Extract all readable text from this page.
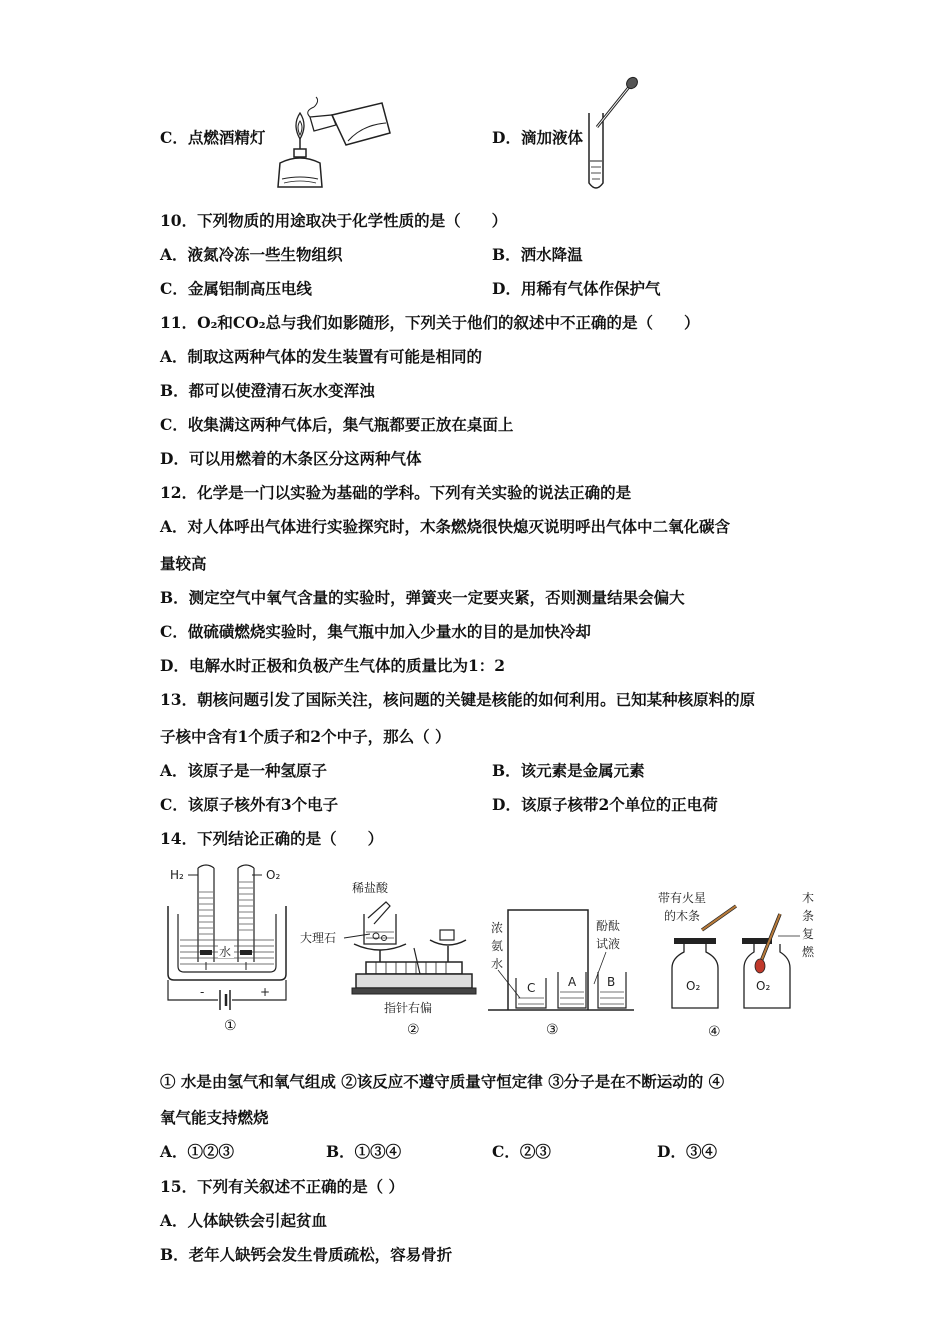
C．点燃酒精灯	D．滴加液体
10．下列物质的用途取决于化学性质的是（　　）
A．液氮冷冻一些生物组织	B．洒水降温
C．金属铝制高压电线	D．用稀有气体作保护气
11．O₂和CO₂总与我们如影随形，下列关于他们的叙述中不正确的是（　　）
A．制取这两种气体的发生装置有可能是相同的
B．都可以使澄清石灰水变浑浊
C．收集满这两种气体后，集气瓶都要正放在桌面上
D．可以用燃着的木条区分这两种气体
12．化学是一门以实验为基础的学科。下列有关实验的说法正确的是
A．对人体呼出气体进行实验探究时，木条燃烧很快熄灭说明呼出气体中二氧化碳含
量较高
B．测定空气中氧气含量的实验时，弹簧夹一定要夹紧，否则测量结果会偏大
C．做硫磺燃烧实验时，集气瓶中加入少量水的目的是加快冷却
D．电解水时正极和负极产生气体的质量比为1：2
13．朝核问题引发了国际关注，核问题的关键是核能的如何利用。已知某种核原料的原
子核中含有1个质子和2个中子，那么（ ）
A．该原子是一种氢原子	B．该元素是金属元素
C．该原子核外有3个电子	D．该原子核带2个单位的正电荷
14．下列结论正确的是（　　）
H₂	O₂
水
-	+
①
稀盐酸
大理石
指针右偏
②
浓
氨
水
酚酞
试液
C	A	B
③
带有火星
的木条
O₂	O₂
木
条
复
燃
④
① 水是由氢气和氧气组成 ②该反应不遵守质量守恒定律 ③分子是在不断运动的 ④
氧气能支持燃烧
A．①②③	B．①③④	C．②③	D．③④
15．下列有关叙述不正确的是（ ）
A．人体缺铁会引起贫血
B．老年人缺钙会发生骨质疏松，容易骨折
